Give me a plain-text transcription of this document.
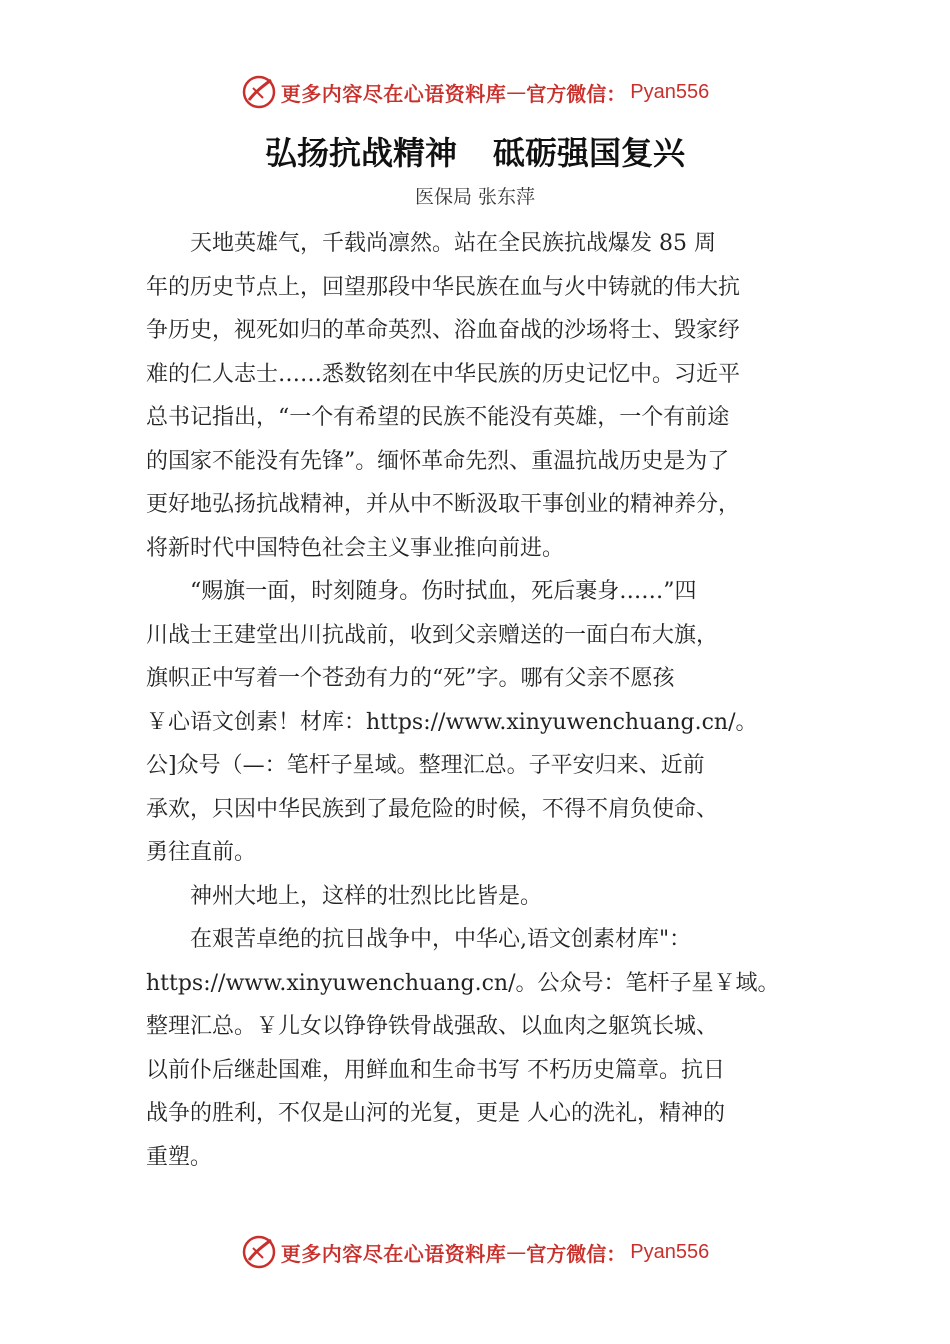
更多内容尽在心语资料库 — 官方微信： Pyan556
弘扬抗战精神 砥砺强国复兴
医保局 张东萍

　　天地英雄气，千载尚凛然。站在全民族抗战爆发 85 周

年的历史节点上，回望那段中华民族在血与火中铸就的伟大抗

争历史，视死如归的革命英烈、浴血奋战的沙场将士、毁家纾

难的仁人志士……悉数铭刻在中华民族的历史记忆中。习近平

总书记指出，“一个有希望的民族不能没有英雄，一个有前途

的国家不能没有先锋”。缅怀革命先烈、重温抗战历史是为了

更好地弘扬抗战精神，并从中不断汲取干事创业的精神养分，

将新时代中国特色社会主义事业推向前进。

　　“赐旗一面，时刻随身。伤时拭血，死后裹身……”四

川战士王建堂出川抗战前，收到父亲赠送的一面白布大旗，

旗帜正中写着一个苍劲有力的“死”字。哪有父亲不愿孩

￥心语文创素！材库：https://www.xinyuwenchuang.cn/。

公]众号（—：笔杆子星域。整理汇总。子平安归来、近前

承欢，只因中华民族到了最危险的时候，不得不肩负使命、

勇往直前。

　　神州大地上，这样的壮烈比比皆是。

　　在艰苦卓绝的抗日战争中，中华心,语文创素材库"：

https://www.xinyuwenchuang.cn/。公众号：笔杆子星￥域。

整理汇总。￥儿女以铮铮铁骨战强敌、以血肉之躯筑长城、

以前仆后继赴国难，用鲜血和生命书写 不朽历史篇章。抗日

战争的胜利，不仅是山河的光复，更是 人心的洗礼，精神的

重塑。

更多内容尽在心语资料库 — 官方微信： Pyan556
